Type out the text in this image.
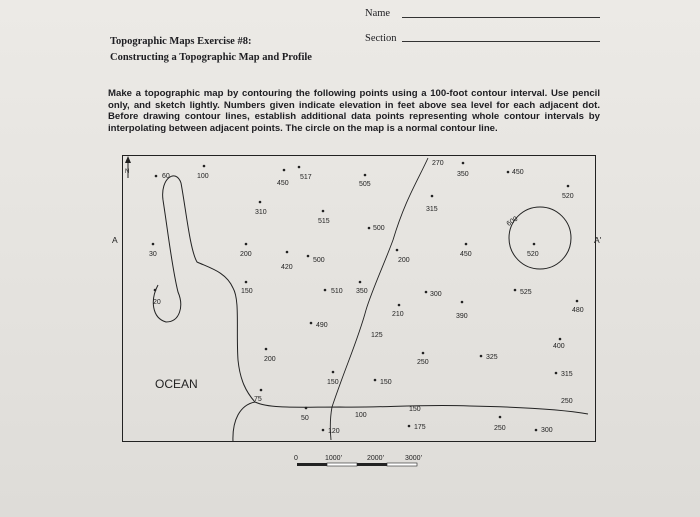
Name
Section
Topographic Maps Exercise #8:
Constructing a Topographic Map and Profile
Make a topographic map by contouring the following points using a 100-foot contour interval. Use pencil only, and sketch lightly. Numbers given indicate elevation in feet above sea level for each adjacent dot. Before drawing contour lines, establish additional data points representing whole contour intervals by interpolating between adjacent points. The circle on the map is a normal contour line.
N
A	A'
OCEAN
60	100
450
517
505
270
350	450
520
310
515
315
500
30	200
420
500	200
450	520
20
150	510 350	300	525
210	390
480
490
125
400
200	250
325
315
150	150
75	250
150
50	100
120
175	250	300
600
0	1000'	2000'	3000'
